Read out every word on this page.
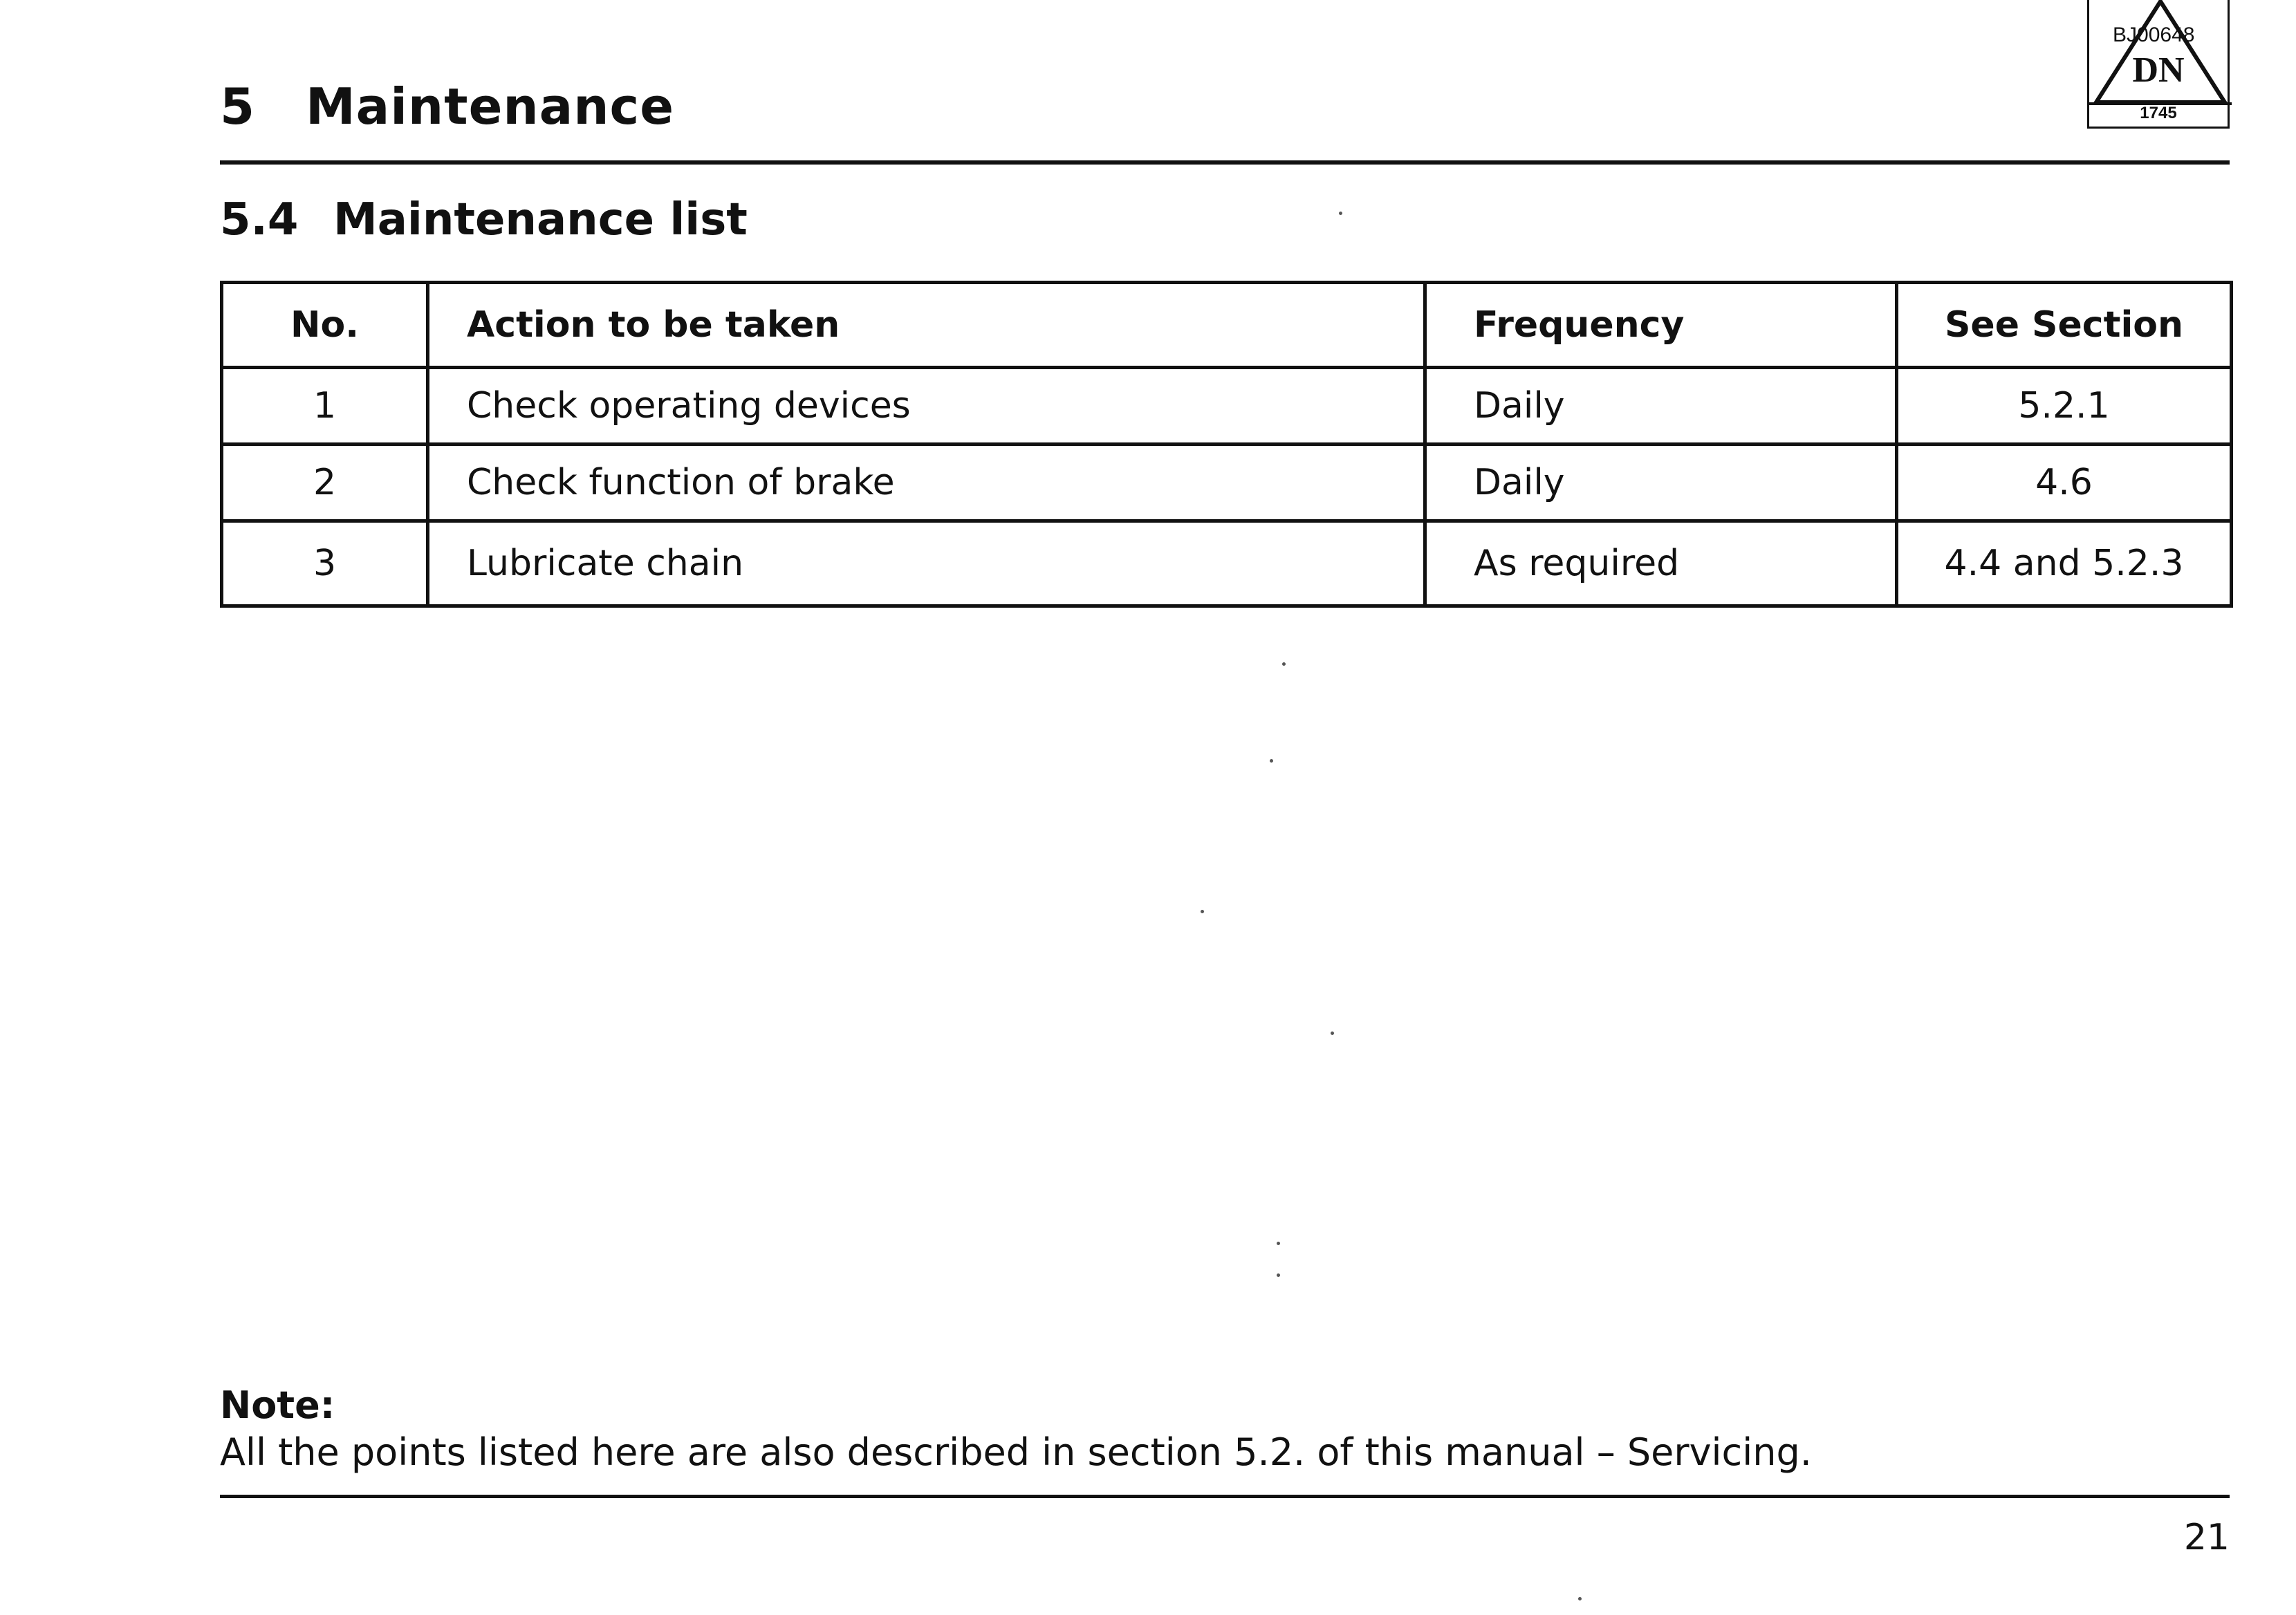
5 Maintenance
BJ00648
DN
1745
5.4 Maintenance list
No.	Action to be taken	Frequency	See Section
1	Check operating devices	Daily	5.2.1
2	Check function of brake	Daily	4.6
3	Lubricate chain	As required	4.4 and 5.2.3
Note:
All the points listed here are also described in section 5.2. of this manual – Servicing.
21
